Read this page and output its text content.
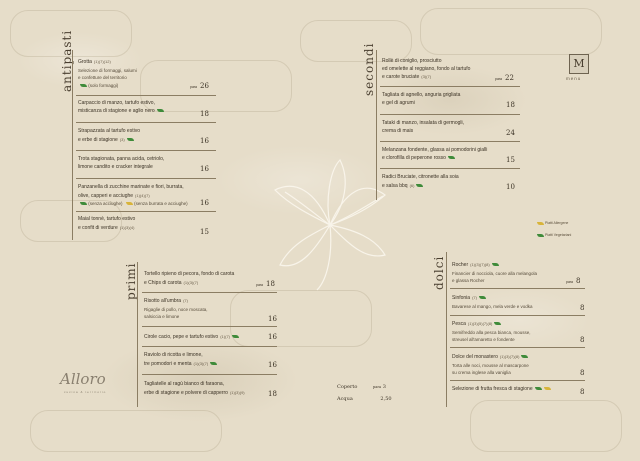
antipasti Grotta (1)(7)(12)
Selezione di formaggi, salumi
e confetture del territorio
(solo formaggi)	para 26
Carpaccio di manzo, tartufo estivo,
misticanza di stagione e aglio nero	18
Strapazzata al tartufo estivo
e erbe di stagione (3)	16
Trota stagionata, panna acida, cetriolo,
limone candito e cracker integrale	16
Panzanella di zucchine marinate e fiori, burrata,
olive, capperi e acciughe (1)(4)(7)
(senza acciughe)	(senza burrata e acciughe)	16
Maial tonnè, tartufo estivo
e confit di verdure (1)(3)(4)
15
secondi Rollè di coniglio, prosciutto
ed omelette al reggiano, fondo al tartufo
e carote bruciate (3)(7)	para 22
Tagliata di agnello, anguria grigliata
e gel di agrumi	18
Tataki di manzo, insalata di germogli,
crema di mais	24
Melanzana fondente, glassa ai pomodorini gialli
e clorofilla di peperone rosso	15
Radici Bruciate, citronette alla soia
e salsa bbq (6)	10
M
menu
Piatti Allergene
Piatti Vegetariani
primi Tortello ripieno di pecora, fondo di carota
e Chips di carota (1)(3)(7)
para 18
Risotto all'umbra (7)
Rigaglie di pollo, noce moscata,
salsiccia e limone	16
Cirole cacio, pepe e tartufo estivo (1)(7)	16
Raviolo di ricotta e limone,
tre pomodori e menta (1)(3)(7)	16
Tagliatelle al ragù bianco di faraona,
erbe di stagione e polvere di capperro (1)(3)(9)	18
Alloro
cucina & territorio
Coperto	para 3
Acqua	2,50
dolci Rocher (1)(3)(7)(8)
Financier di nocciola, cuore alla melangola
e glassa Rocher	para 8
Sinfonia (7)
Bavarese al mango, mela verde e vodka	8
Pesca (1)(3)(5)(7)(8)
Semifreddo alla pesca bianca, mousse,
streusel all'amaretto e fondente	8
Dolce del monastero (1)(3)(7)(8)
Torta alle noci, mousse al mascarpone
su crema inglese alla vaniglia	8
Selezione di frutta fresca di stagione	8
